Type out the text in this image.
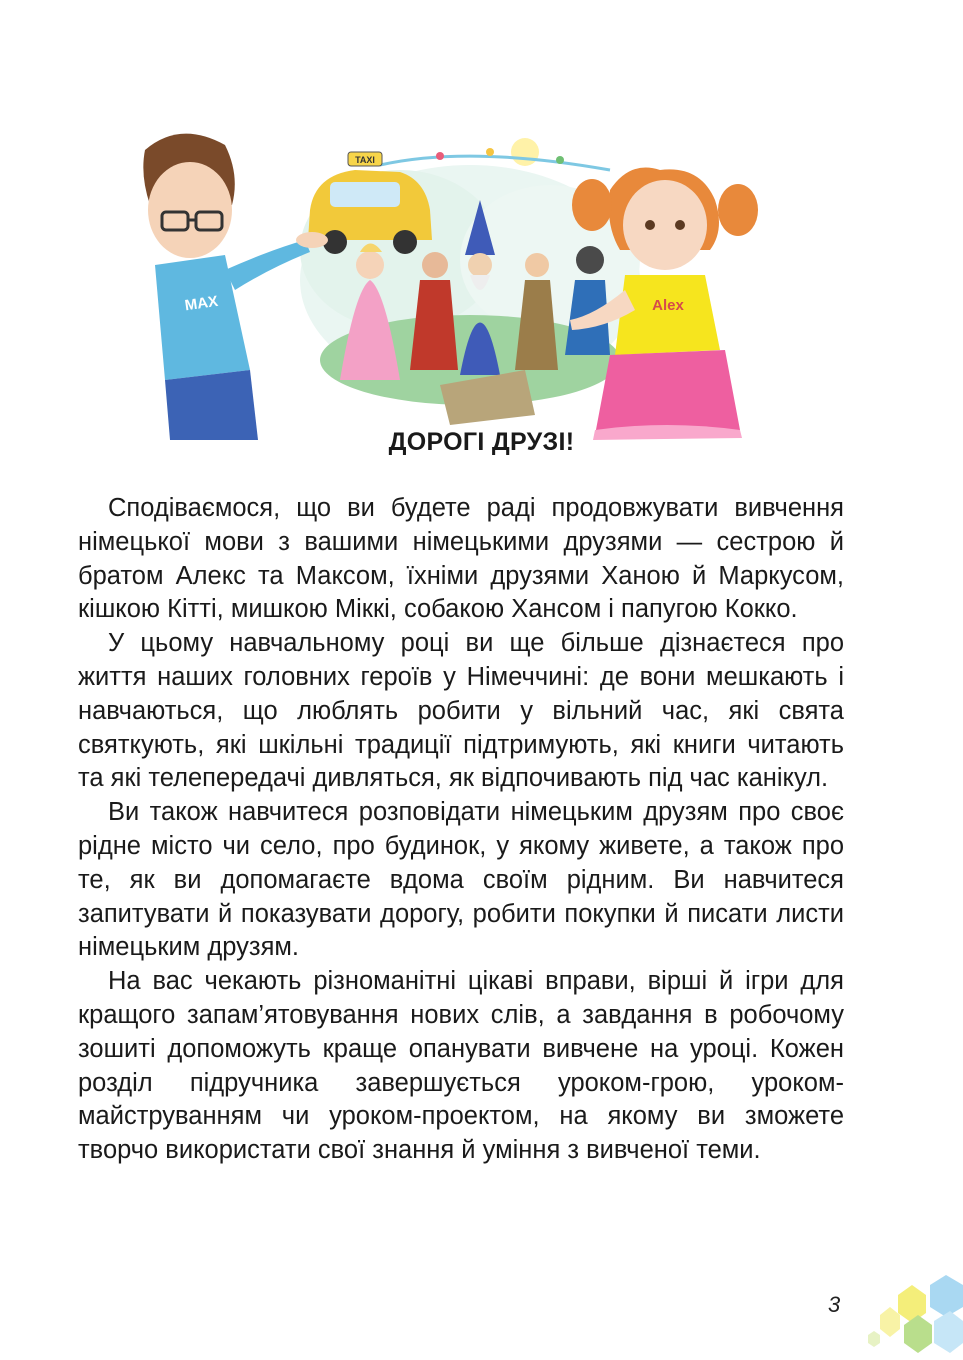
TAXI
MAX	Alex
ДОРОГІ ДРУЗІ!

Сподіваємося, що ви будете раді продовжувати вивчення німецької мови з вашими німецькими друзями — сестрою й братом Алекс та Максом, їхніми друзями Ханою й Маркусом, кішкою Кітті, мишкою Міккі, собакою Хансом і папугою Кокко.

У цьому навчальному році ви ще більше дізнаєтеся про життя наших головних героїв у Німеччині: де вони мешкають і навчаються, що люблять робити у вільний час, які свята святкують, які шкільні традиції підтримують, які книги читають та які телепередачі дивляться, як відпочивають під час канікул.

Ви також навчитеся розповідати німецьким друзям про своє рідне місто чи село, про будинок, у якому живете, а також про те, як ви допомагаєте вдома своїм рідним. Ви навчитеся запитувати й показувати дорогу, робити покупки й писати листи німецьким друзям.

На вас чекають різноманітні цікаві вправи, вірші й ігри для кращого запам’ятовування нових слів, а завдання в робочому зошиті допоможуть краще опанувати вивчене на уроці. Кожен розділ підручника завершується уроком-грою, уроком-майструванням чи уроком-проектом, на якому ви зможете творчо використати свої знання й уміння з вивченої теми.

3
